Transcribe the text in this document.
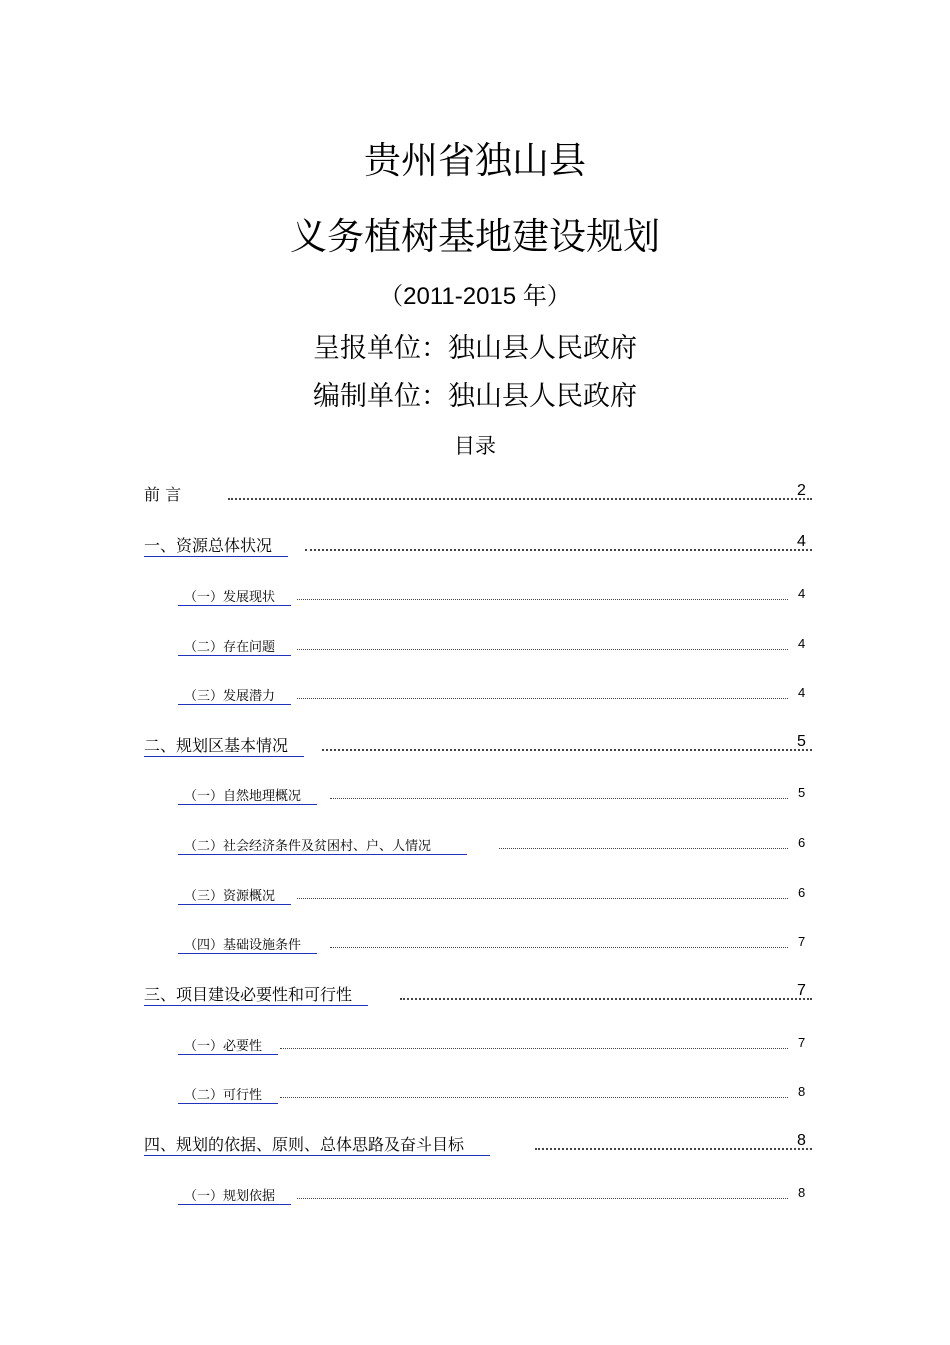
贵州省独山县
义务植树基地建设规划
（2011-2015 年）
呈报单位：独山县人民政府
编制单位：独山县人民政府
目录
前 言	2
一、资源总体状况	4
（一）发展现状	4
（二）存在问题	4
（三）发展潜力	4
二、规划区基本情况	5
（一）自然地理概况	5
（二）社会经济条件及贫困村、户、人情况	6
（三）资源概况	6
（四）基础设施条件	7
三、项目建设必要性和可行性	7
（一）必要性	7
（二）可行性	8
四、规划的依据、原则、总体思路及奋斗目标	8
（一）规划依据	8
